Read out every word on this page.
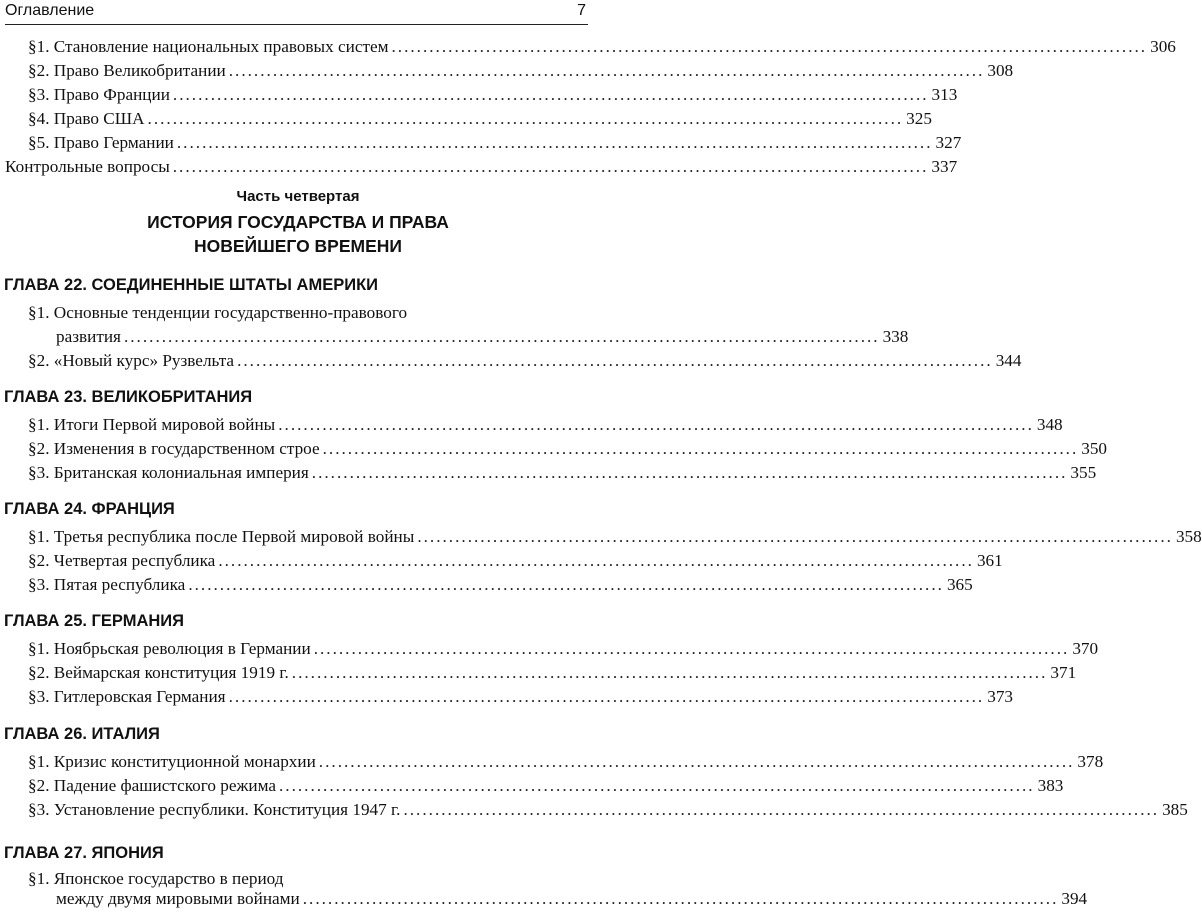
Оглавление	7
§1. Становление национальных правовых систем ........................................................................................................................ 306
§2. Право Великобритании ........................................................................................................................ 308
§3. Право Франции ........................................................................................................................ 313
§4. Право США ........................................................................................................................ 325
§5. Право Германии ........................................................................................................................ 327
Контрольные вопросы ........................................................................................................................ 337
Часть четвертая
ИСТОРИЯ ГОСУДАРСТВА И ПРАВА
НОВЕЙШЕГО ВРЕМЕНИ
ГЛАВА 22. СОЕДИНЕННЫЕ ШТАТЫ АМЕРИКИ
§1. Основные тенденции государственно-правового
развития ........................................................................................................................ 338
§2. «Новый курс» Рузвельта ........................................................................................................................ 344
ГЛАВА 23. ВЕЛИКОБРИТАНИЯ
§1. Итоги Первой мировой войны ........................................................................................................................ 348
§2. Изменения в государственном строе ........................................................................................................................ 350
§3. Британская колониальная империя ........................................................................................................................ 355
ГЛАВА 24. ФРАНЦИЯ
§1. Третья республика после Первой мировой войны ........................................................................................................................ 358
§2. Четвертая республика ........................................................................................................................ 361
§3. Пятая республика ........................................................................................................................ 365
ГЛАВА 25. ГЕРМАНИЯ
§1. Ноябрьская революция в Германии ........................................................................................................................ 370
§2. Веймарская конституция 1919 г. ........................................................................................................................ 371
§3. Гитлеровская Германия ........................................................................................................................ 373
ГЛАВА 26. ИТАЛИЯ
§1. Кризис конституционной монархии ........................................................................................................................ 378
§2. Падение фашистского режима ........................................................................................................................ 383
§3. Установление республики. Конституция 1947 г. ........................................................................................................................ 385
ГЛАВА 27. ЯПОНИЯ
§1. Японское государство в период
между двумя мировыми войнами ........................................................................................................................ 394
